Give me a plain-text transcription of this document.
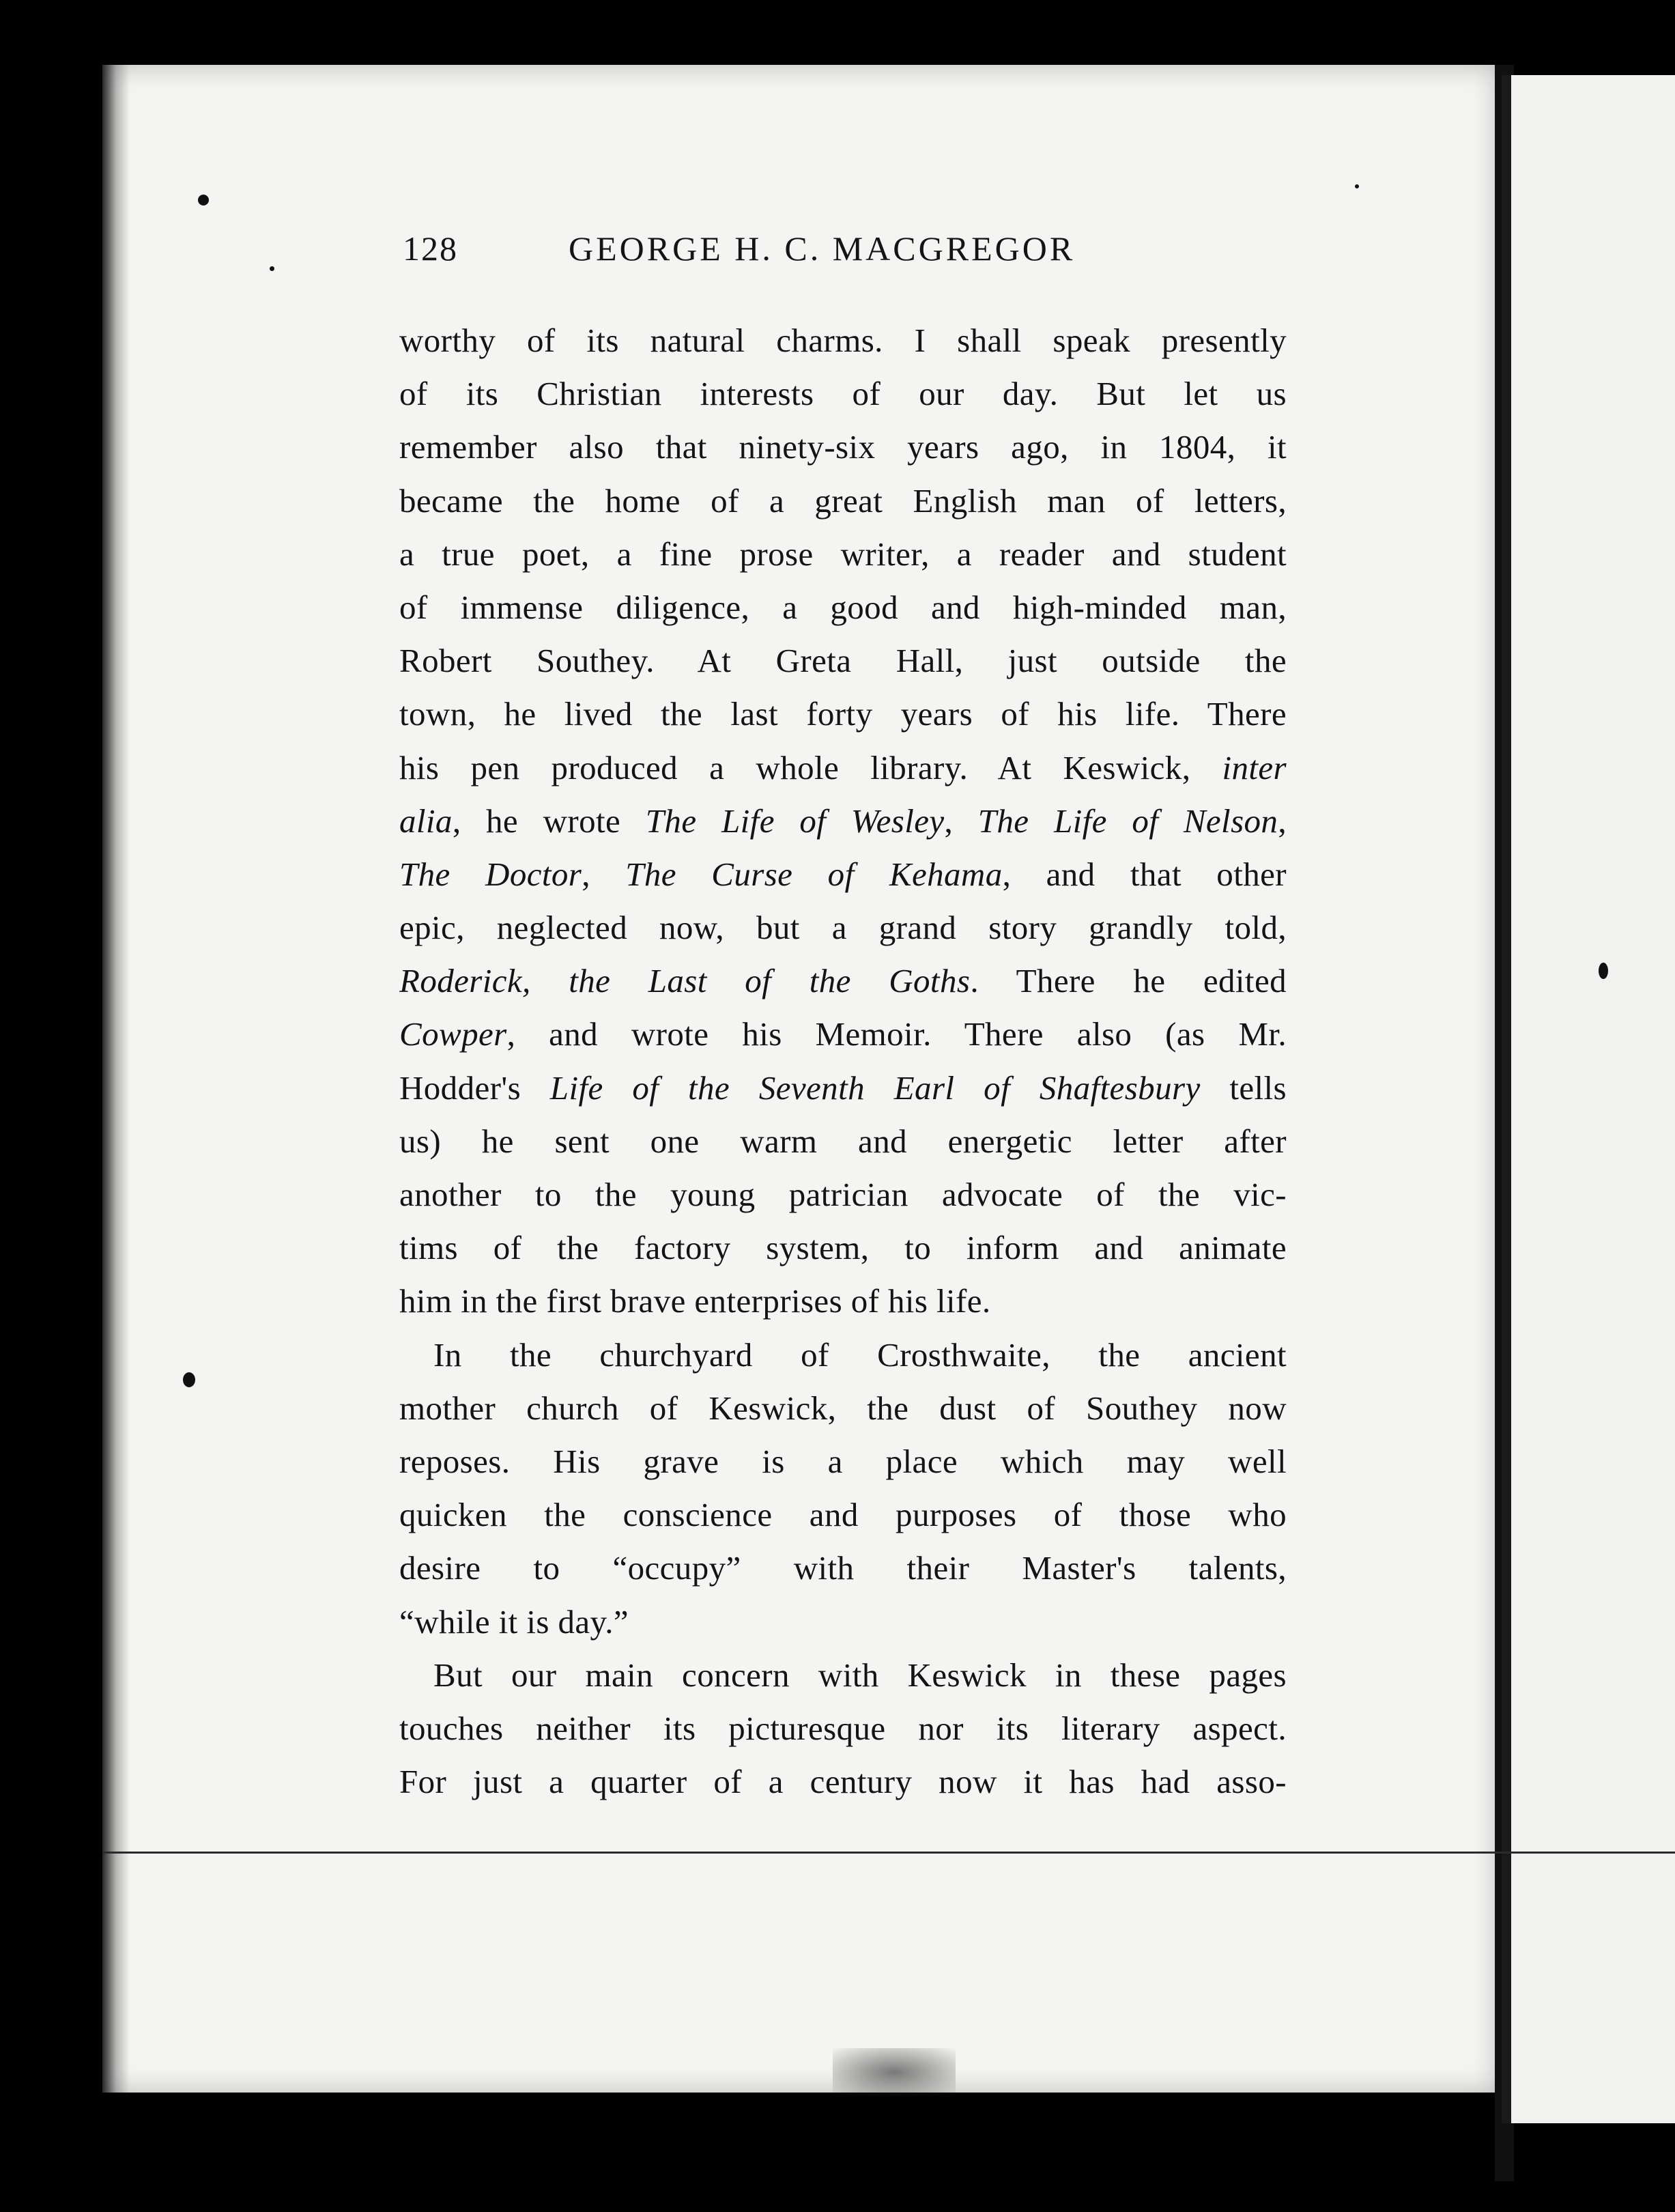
128	GEORGE H. C. MACGREGOR
worthy of its natural charms. I shall speak presently
of its Christian interests of our day. But let us
remember also that ninety-six years ago, in 1804, it
became the home of a great English man of letters,
a true poet, a fine prose writer, a reader and student
of immense diligence, a good and high-minded man,
Robert Southey. At Greta Hall, just outside the
town, he lived the last forty years of his life. There
his pen produced a whole library. At Keswick, inter
alia, he wrote The Life of Wesley, The Life of Nelson,
The Doctor, The Curse of Kehama, and that other
epic, neglected now, but a grand story grandly told,
Roderick, the Last of the Goths. There he edited
Cowper, and wrote his Memoir. There also (as Mr.
Hodder's Life of the Seventh Earl of Shaftesbury tells
us) he sent one warm and energetic letter after
another to the young patrician advocate of the vic-
tims of the factory system, to inform and animate
him in the first brave enterprises of his life.
In the churchyard of Crosthwaite, the ancient
mother church of Keswick, the dust of Southey now
reposes. His grave is a place which may well
quicken the conscience and purposes of those who
desire to “occupy” with their Master's talents,
“while it is day.”
But our main concern with Keswick in these pages
touches neither its picturesque nor its literary aspect.
For just a quarter of a century now it has had asso-
